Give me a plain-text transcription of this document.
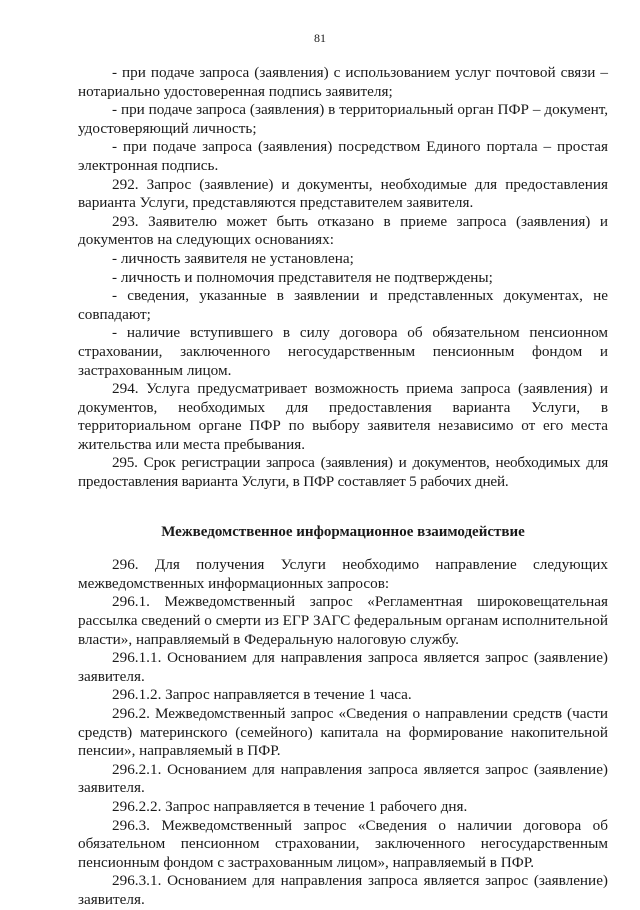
81

- при подаче запроса (заявления) с использованием услуг почтовой связи – нотариально удостоверенная подпись заявителя;

- при подаче запроса (заявления) в территориальный орган ПФР – документ, удостоверяющий личность;

- при подаче запроса (заявления) посредством Единого портала – простая электронная подпись.

292. Запрос (заявление) и документы, необходимые для предоставления варианта Услуги, представляются представителем заявителя.

293. Заявителю может быть отказано в приеме запроса (заявления) и документов на следующих основаниях:

- личность заявителя не установлена;

- личность и полномочия представителя не подтверждены;

- сведения, указанные в заявлении и представленных документах, не совпадают;

- наличие вступившего в силу договора об обязательном пенсионном страховании, заключенного негосударственным пенсионным фондом и застрахованным лицом.

294. Услуга предусматривает возможность приема запроса (заявления) и документов, необходимых для предоставления варианта Услуги, в территориальном органе ПФР по выбору заявителя независимо от его места жительства или места пребывания.

295. Срок регистрации запроса (заявления) и документов, необходимых для предоставления варианта Услуги, в ПФР составляет 5 рабочих дней.

Межведомственное информационное взаимодействие

296. Для получения Услуги необходимо направление следующих межведомственных информационных запросов:

296.1. Межведомственный запрос «Регламентная широковещательная рассылка сведений о смерти из ЕГР ЗАГС федеральным органам исполнительной власти», направляемый в Федеральную налоговую службу.

296.1.1. Основанием для направления запроса является запрос (заявление) заявителя.

296.1.2. Запрос направляется в течение 1 часа.

296.2. Межведомственный запрос «Сведения о направлении средств (части средств) материнского (семейного) капитала на формирование накопительной пенсии», направляемый в ПФР.

296.2.1. Основанием для направления запроса является запрос (заявление) заявителя.

296.2.2. Запрос направляется в течение 1 рабочего дня.

296.3. Межведомственный запрос «Сведения о наличии договора об обязательном пенсионном страховании, заключенного негосударственным пенсионным фондом с застрахованным лицом», направляемый в ПФР.

296.3.1. Основанием для направления запроса является запрос (заявление) заявителя.
